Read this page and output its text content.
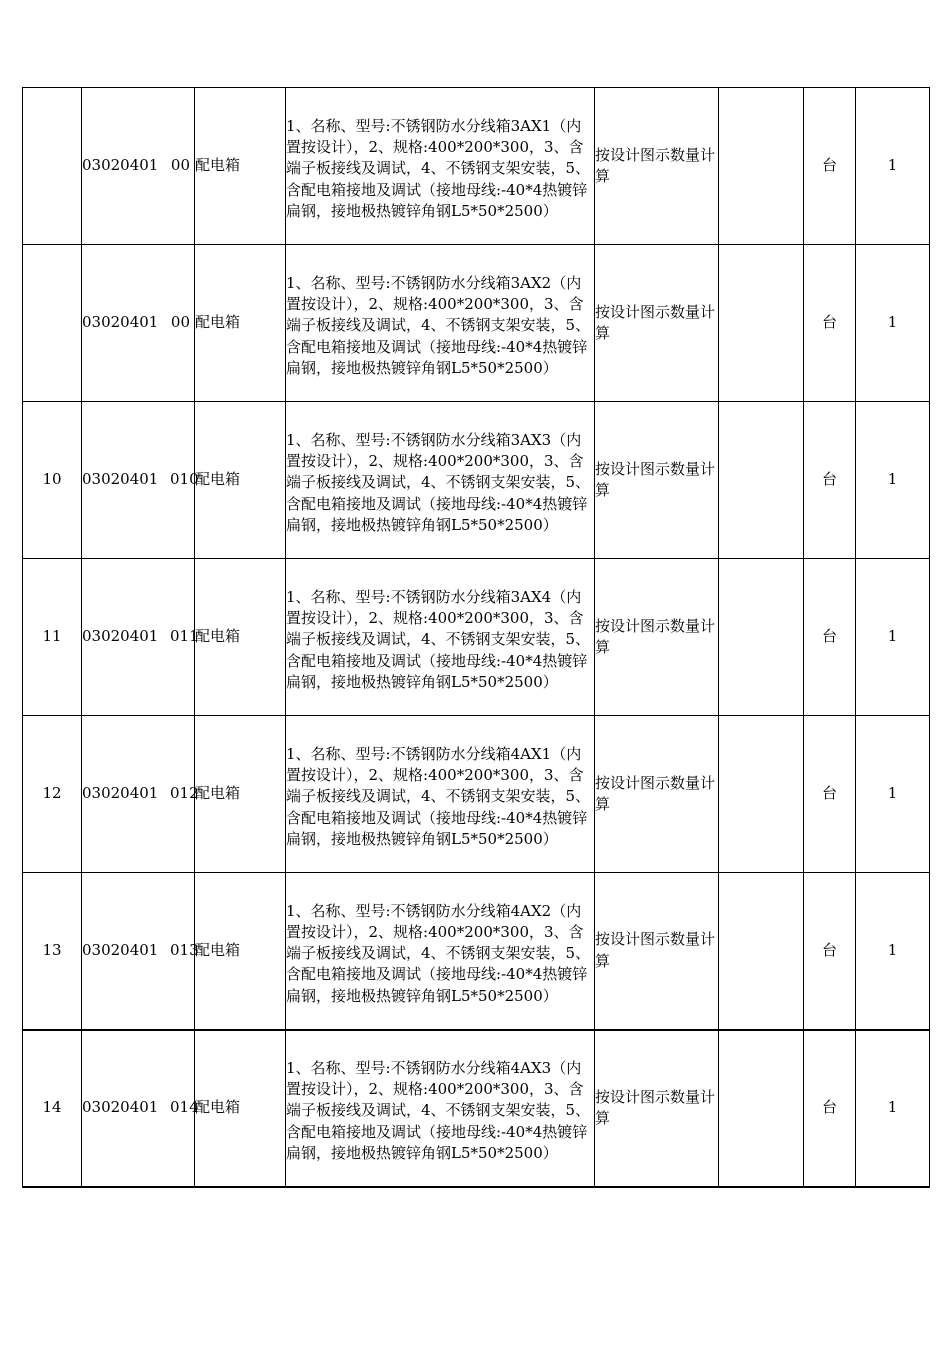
	03020401 00	配电箱	1、名称、型号:不锈钢防水分线箱3AX1（内置按设计），2、规格:400*200*300，3、含端子板接线及调试，4、不锈钢支架安装，5、含配电箱接地及调试（接地母线:-40*4热镀锌扁钢，接地极热镀锌角钢L5*50*2500）	按设计图示数量计算		台	1
	03020401 00	配电箱	1、名称、型号:不锈钢防水分线箱3AX2（内置按设计），2、规格:400*200*300，3、含端子板接线及调试，4、不锈钢支架安装，5、含配电箱接地及调试（接地母线:-40*4热镀锌扁钢，接地极热镀锌角钢L5*50*2500）	按设计图示数量计算		台	1
10	03020401 010	配电箱	1、名称、型号:不锈钢防水分线箱3AX3（内置按设计），2、规格:400*200*300，3、含端子板接线及调试，4、不锈钢支架安装，5、含配电箱接地及调试（接地母线:-40*4热镀锌扁钢，接地极热镀锌角钢L5*50*2500）	按设计图示数量计算		台	1
11	03020401 011	配电箱	1、名称、型号:不锈钢防水分线箱3AX4（内置按设计），2、规格:400*200*300，3、含端子板接线及调试，4、不锈钢支架安装，5、含配电箱接地及调试（接地母线:-40*4热镀锌扁钢，接地极热镀锌角钢L5*50*2500）	按设计图示数量计算		台	1
12	03020401 012	配电箱	1、名称、型号:不锈钢防水分线箱4AX1（内置按设计），2、规格:400*200*300，3、含端子板接线及调试，4、不锈钢支架安装，5、含配电箱接地及调试（接地母线:-40*4热镀锌扁钢，接地极热镀锌角钢L5*50*2500）	按设计图示数量计算		台	1
13	03020401 013	配电箱	1、名称、型号:不锈钢防水分线箱4AX2（内置按设计），2、规格:400*200*300，3、含端子板接线及调试，4、不锈钢支架安装，5、含配电箱接地及调试（接地母线:-40*4热镀锌扁钢，接地极热镀锌角钢L5*50*2500）	按设计图示数量计算		台	1
14	03020401 014	配电箱	1、名称、型号:不锈钢防水分线箱4AX3（内置按设计），2、规格:400*200*300，3、含端子板接线及调试，4、不锈钢支架安装，5、含配电箱接地及调试（接地母线:-40*4热镀锌扁钢，接地极热镀锌角钢L5*50*2500）	按设计图示数量计算		台	1
